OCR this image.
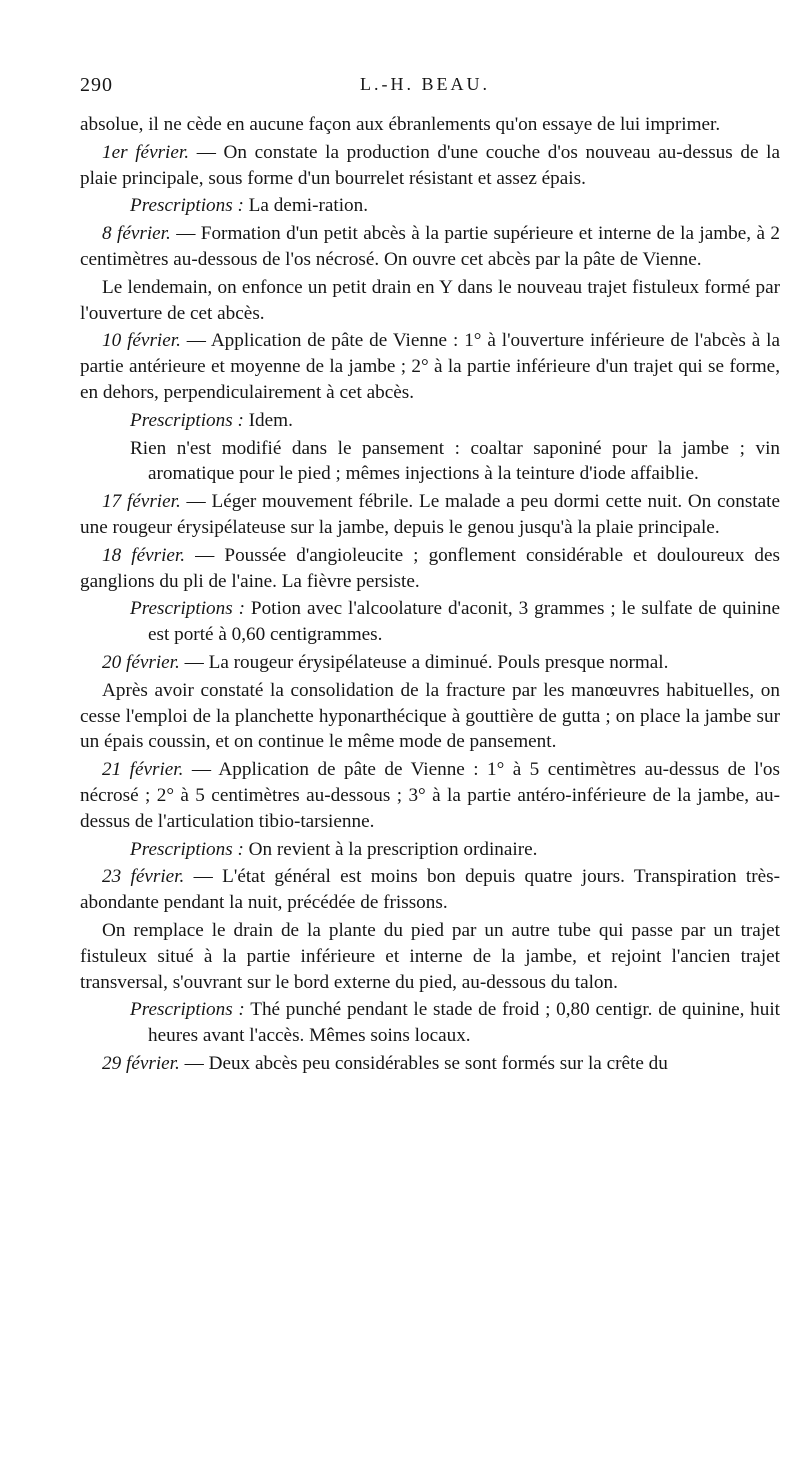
290	L.-H. BEAU.

absolue, il ne cède en aucune façon aux ébranlements qu'on essaye de lui imprimer.

1er février. — On constate la production d'une couche d'os nouveau au-dessus de la plaie principale, sous forme d'un bourrelet résistant et assez épais.

Prescriptions : La demi-ration.

8 février. — Formation d'un petit abcès à la partie supérieure et interne de la jambe, à 2 centimètres au-dessous de l'os nécrosé. On ouvre cet abcès par la pâte de Vienne.

Le lendemain, on enfonce un petit drain en Y dans le nouveau trajet fistuleux formé par l'ouverture de cet abcès.

10 février. — Application de pâte de Vienne : 1° à l'ouverture inférieure de l'abcès à la partie antérieure et moyenne de la jambe ; 2° à la partie inférieure d'un trajet qui se forme, en dehors, perpendiculairement à cet abcès.

Prescriptions : Idem.

Rien n'est modifié dans le pansement : coaltar saponiné pour la jambe ; vin aromatique pour le pied ; mêmes injections à la teinture d'iode affaiblie.

17 février. — Léger mouvement fébrile. Le malade a peu dormi cette nuit. On constate une rougeur érysipélateuse sur la jambe, depuis le genou jusqu'à la plaie principale.

18 février. — Poussée d'angioleucite ; gonflement considérable et douloureux des ganglions du pli de l'aine. La fièvre persiste.

Prescriptions : Potion avec l'alcoolature d'aconit, 3 grammes ; le sulfate de quinine est porté à 0,60 centigrammes.

20 février. — La rougeur érysipélateuse a diminué. Pouls presque normal.

Après avoir constaté la consolidation de la fracture par les manœuvres habituelles, on cesse l'emploi de la planchette hyponarthécique à gouttière de gutta ; on place la jambe sur un épais coussin, et on continue le même mode de pansement.

21 février. — Application de pâte de Vienne : 1° à 5 centimètres au-dessus de l'os nécrosé ; 2° à 5 centimètres au-dessous ; 3° à la partie antéro-inférieure de la jambe, au-dessus de l'articulation tibio-tarsienne.

Prescriptions : On revient à la prescription ordinaire.

23 février. — L'état général est moins bon depuis quatre jours. Transpiration très-abondante pendant la nuit, précédée de frissons.

On remplace le drain de la plante du pied par un autre tube qui passe par un trajet fistuleux situé à la partie inférieure et interne de la jambe, et rejoint l'ancien trajet transversal, s'ouvrant sur le bord externe du pied, au-dessous du talon.

Prescriptions : Thé punché pendant le stade de froid ; 0,80 centigr. de quinine, huit heures avant l'accès. Mêmes soins locaux.

29 février. — Deux abcès peu considérables se sont formés sur la crête du
